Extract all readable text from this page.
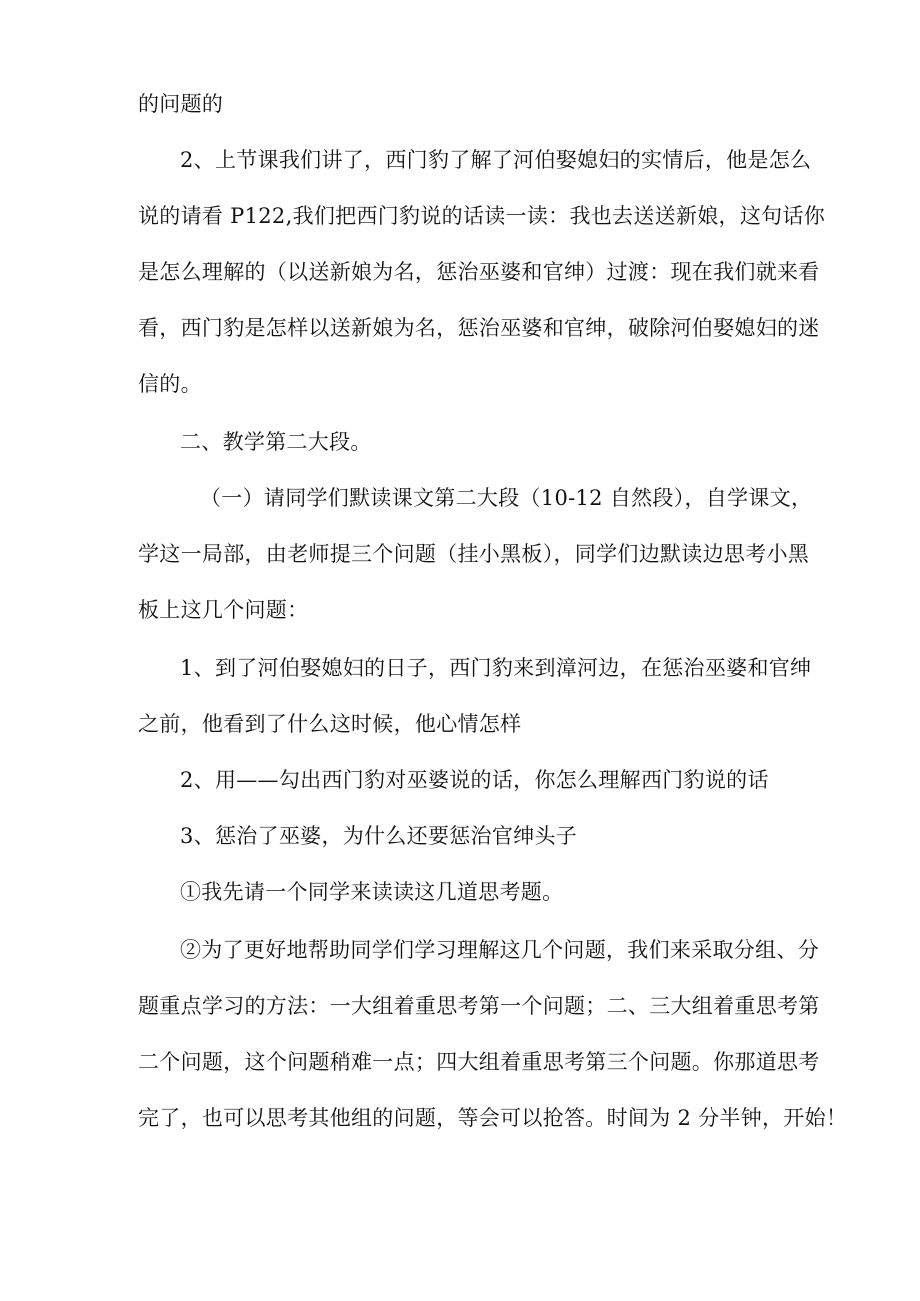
的问题的
2、上节课我们讲了，西门豹了解了河伯娶媳妇的实情后，他是怎么
说的请看 P122,我们把西门豹说的话读一读：我也去送送新娘，这句话你
是怎么理解的（以送新娘为名，惩治巫婆和官绅）过渡：现在我们就来看
看，西门豹是怎样以送新娘为名，惩治巫婆和官绅，破除河伯娶媳妇的迷
信的。
二、教学第二大段。
（一）请同学们默读课文第二大段（10-12 自然段），自学课文，
学这一局部，由老师提三个问题（挂小黑板），同学们边默读边思考小黑
板上这几个问题：
1、到了河伯娶媳妇的日子，西门豹来到漳河边，在惩治巫婆和官绅
之前，他看到了什么这时候，他心情怎样
2、用——勾出西门豹对巫婆说的话，你怎么理解西门豹说的话
3、惩治了巫婆，为什么还要惩治官绅头子
①我先请一个同学来读读这几道思考题。
②为了更好地帮助同学们学习理解这几个问题，我们来采取分组、分
题重点学习的方法：一大组着重思考第一个问题；二、三大组着重思考第
二个问题，这个问题稍难一点；四大组着重思考第三个问题。你那道思考
完了，也可以思考其他组的问题，等会可以抢答。时间为 2 分半钟，开始！
